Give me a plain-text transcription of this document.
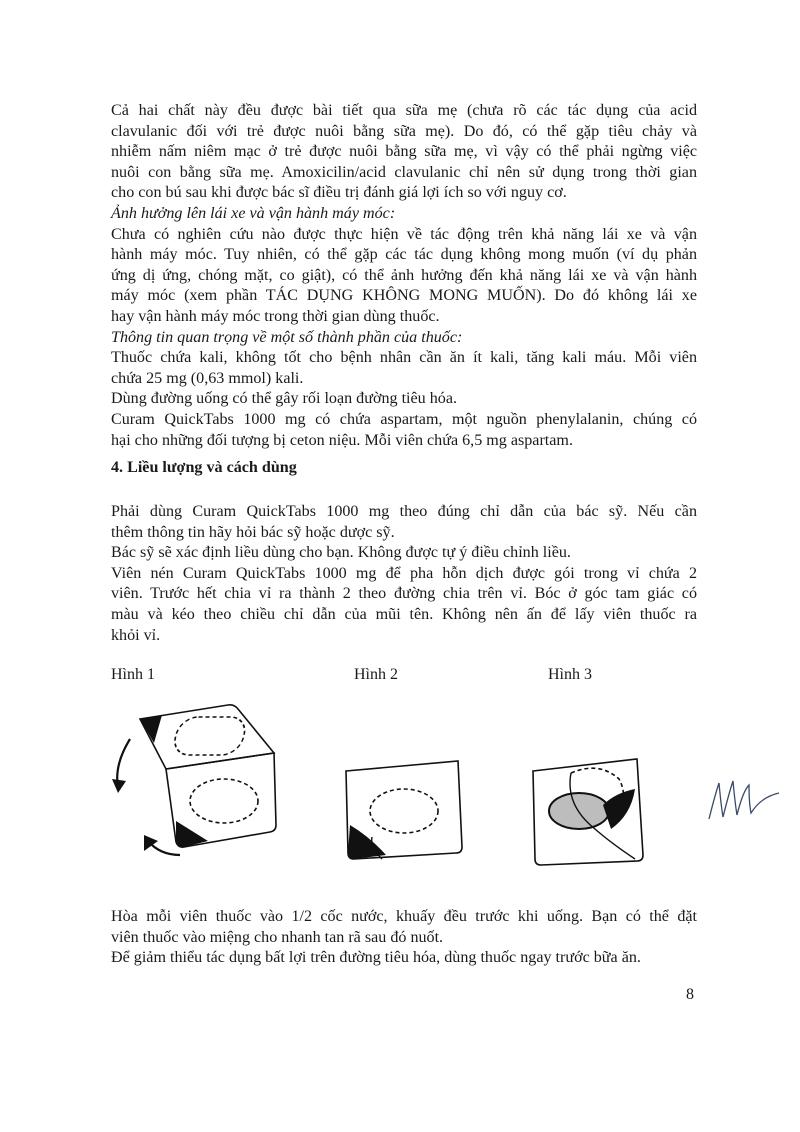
Cả hai chất này đều được bài tiết qua sữa mẹ (chưa rõ các tác dụng của acid
clavulanic đối với trẻ được nuôi bằng sữa mẹ). Do đó, có thể gặp tiêu chảy và
nhiễm nấm niêm mạc ở trẻ được nuôi bằng sữa mẹ, vì vậy có thể phải ngừng việc
nuôi con bằng sữa mẹ. Amoxicilin/acid clavulanic chỉ nên sử dụng trong thời gian
cho con bú sau khi được bác sĩ điều trị đánh giá lợi ích so với nguy cơ.
Ảnh hưởng lên lái xe và vận hành máy móc:
Chưa có nghiên cứu nào được thực hiện về tác động trên khả năng lái xe và vận
hành máy móc. Tuy nhiên, có thể gặp các tác dụng không mong muốn (ví dụ phản
ứng dị ứng, chóng mặt, co giật), có thể ảnh hưởng đến khả năng lái xe và vận hành
máy móc (xem phần TÁC DỤNG KHÔNG MONG MUỐN). Do đó không lái xe
hay vận hành máy móc trong thời gian dùng thuốc.
Thông tin quan trọng về một số thành phần của thuốc:
Thuốc chứa kali, không tốt cho bệnh nhân cần ăn ít kali, tăng kali máu. Mỗi viên
chứa 25 mg (0,63 mmol) kali.
Dùng đường uống có thể gây rối loạn đường tiêu hóa.
Curam QuickTabs 1000 mg có chứa aspartam, một nguồn phenylalanin, chúng có
hại cho những đối tượng bị ceton niệu. Mỗi viên chứa 6,5 mg aspartam.
4. Liều lượng và cách dùng
Phải dùng Curam QuickTabs 1000 mg theo đúng chỉ dẫn của bác sỹ. Nếu cần
thêm thông tin hãy hỏi bác sỹ hoặc dược sỹ.
Bác sỹ sẽ xác định liều dùng cho bạn. Không được tự ý điều chỉnh liều.
Viên nén Curam QuickTabs 1000 mg để pha hỗn dịch được gói trong vỉ chứa 2
viên. Trước hết chia vỉ ra thành 2 theo đường chia trên vỉ. Bóc ở góc tam giác có
màu và kéo theo chiều chỉ dẫn của mũi tên. Không nên ấn để lấy viên thuốc ra
khỏi vỉ.
Hình 1	Hình 2	Hình 3
Hòa mỗi viên thuốc vào 1/2 cốc nước, khuấy đều trước khi uống. Bạn có thể đặt
viên thuốc vào miệng cho nhanh tan rã sau đó nuốt.
Để giảm thiểu tác dụng bất lợi trên đường tiêu hóa, dùng thuốc ngay trước bữa ăn.
8
